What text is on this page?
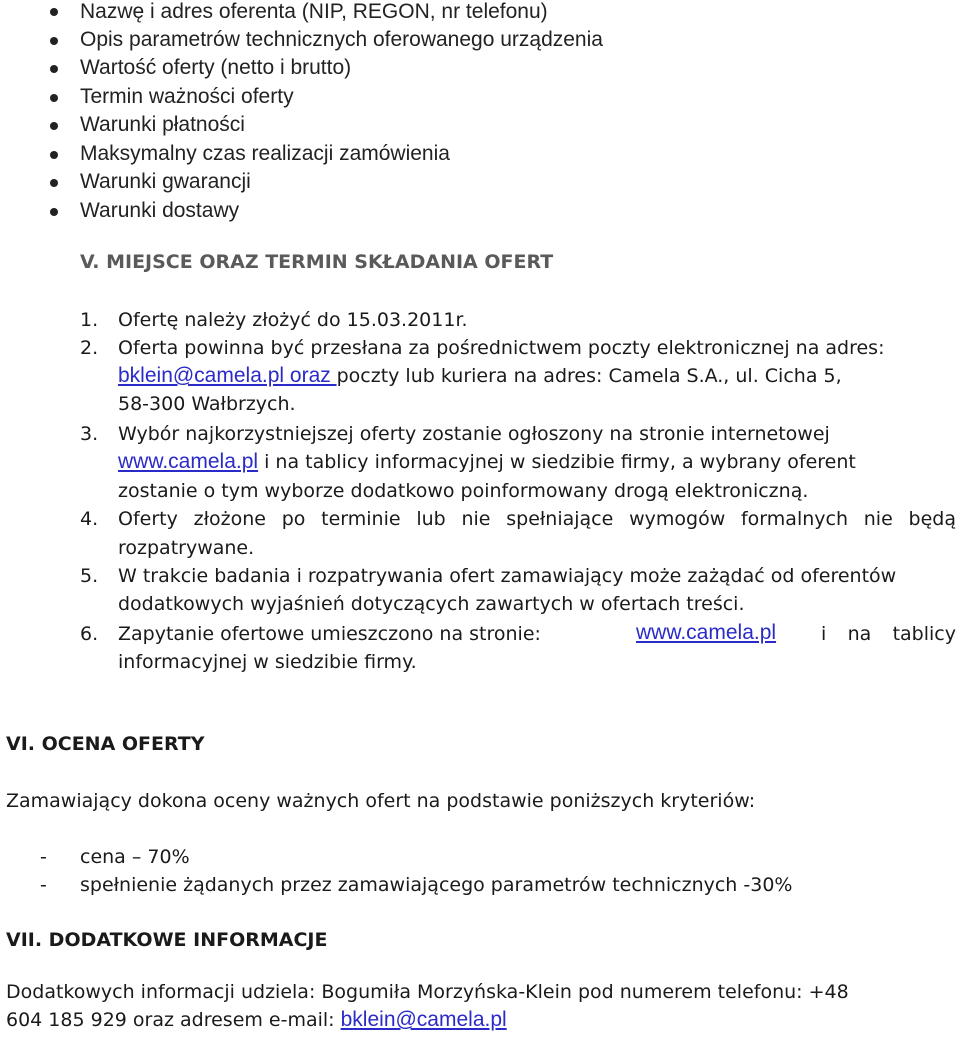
Nazwę i adres oferenta (NIP, REGON, nr telefonu)
Opis parametrów technicznych oferowanego urządzenia
Wartość oferty (netto i brutto)
Termin ważności oferty
Warunki płatności
Maksymalny czas realizacji zamówienia
Warunki gwarancji
Warunki dostawy
V. MIEJSCE ORAZ TERMIN SKŁADANIA OFERT
1. Ofertę należy złożyć do 15.03.2011r.
2. Oferta powinna być przesłana za pośrednictwem poczty elektronicznej na adres:
bklein@camela.pl oraz poczty lub kuriera na adres: Camela S.A., ul. Cicha 5,
58-300 Wałbrzych.
3. Wybór najkorzystniejszej oferty zostanie ogłoszony na stronie internetowej
www.camela.pl i na tablicy informacyjnej w siedzibie firmy, a wybrany oferent
zostanie o tym wyborze dodatkowo poinformowany drogą elektroniczną.
4. Oferty złożone po terminie lub nie spełniające wymogów formalnych nie będą
rozpatrywane.
5. W trakcie badania i rozpatrywania ofert zamawiający może zażądać od oferentów
dodatkowych wyjaśnień dotyczących zawartych w ofertach treści.
6. Zapytanie ofertowe umieszczono na stronie:	www.camela.pl i na tablicy
informacyjnej w siedzibie firmy.
VI. OCENA OFERTY
Zamawiający dokona oceny ważnych ofert na podstawie poniższych kryteriów:
- cena – 70%
- spełnienie żądanych przez zamawiającego parametrów technicznych -30%
VII. DODATKOWE INFORMACJE
Dodatkowych informacji udziela: Bogumiła Morzyńska-Klein pod numerem telefonu: +48
604 185 929 oraz adresem e-mail: bklein@camela.pl
